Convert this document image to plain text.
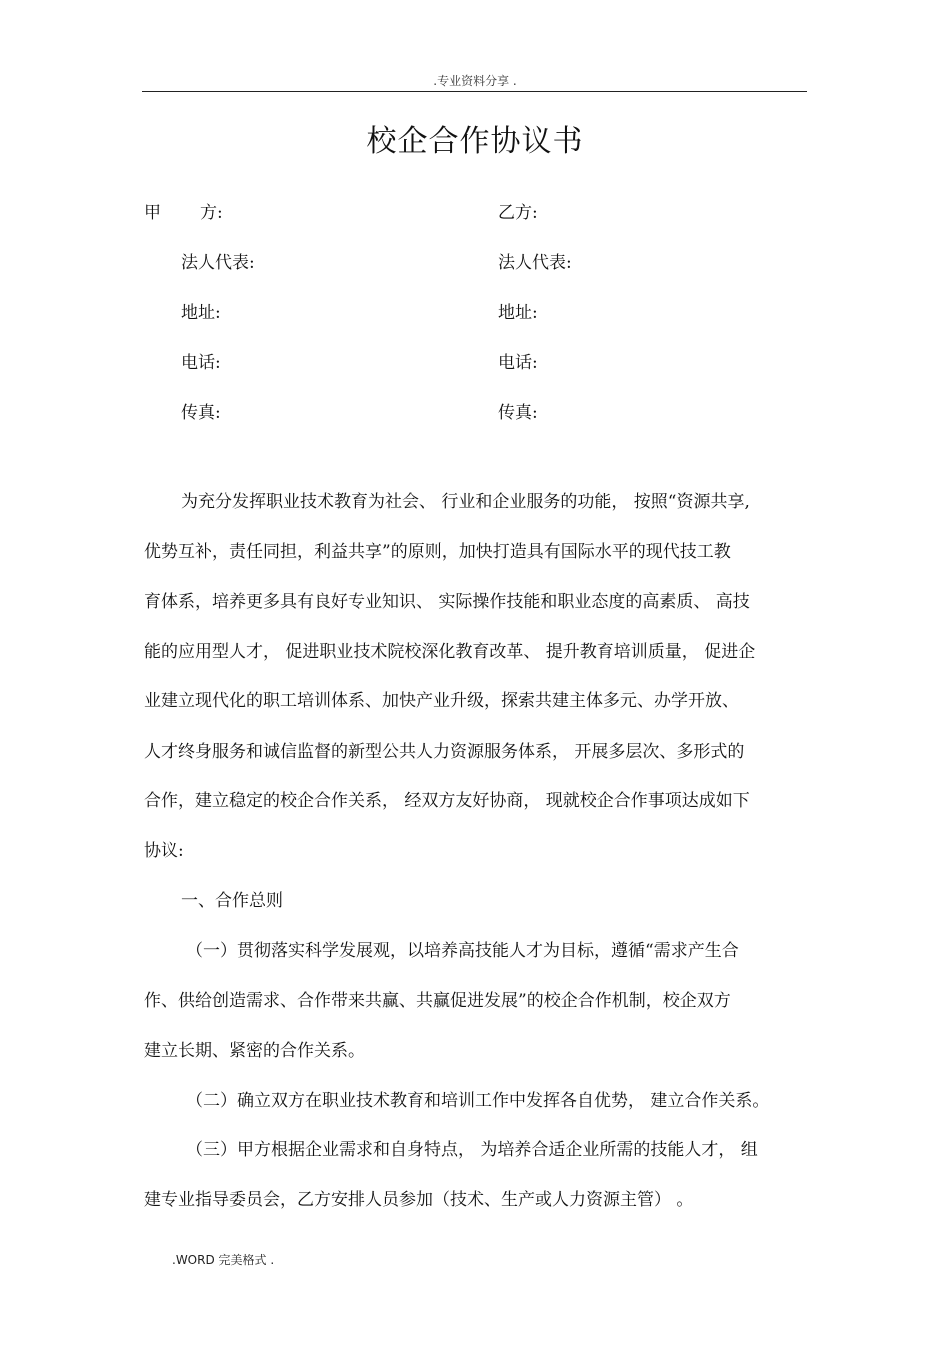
.专业资料分享 .
校企合作协议书
甲 方:	乙方:
法人代表:	法人代表:
地址:	地址:
电话:	电话:
传真:	传真:
为充分发挥职业技术教育为社会、 行业和企业服务的功能， 按照“资源共享,
优势互补，责任同担，利益共享”的原则，加快打造具有国际水平的现代技工教
育体系，培养更多具有良好专业知识、 实际操作技能和职业态度的高素质、 高技
能的应用型人才， 促进职业技术院校深化教育改革、 提升教育培训质量， 促进企
业建立现代化的职工培训体系、加快产业升级，探索共建主体多元、办学开放、
人才终身服务和诚信监督的新型公共人力资源服务体系， 开展多层次、多形式的
合作，建立稳定的校企合作关系， 经双方友好协商， 现就校企合作事项达成如下
协议:
一、合作总则
（一）贯彻落实科学发展观，以培养高技能人才为目标，遵循“需求产生合
作、供给创造需求、合作带来共赢、共赢促进发展”的校企合作机制，校企双方
建立长期、紧密的合作关系。
（二）确立双方在职业技术教育和培训工作中发挥各自优势， 建立合作关系。
（三）甲方根据企业需求和自身特点， 为培养合适企业所需的技能人才， 组
建专业指导委员会，乙方安排人员参加（技术、生产或人力资源主管） 。
.WORD 完美格式 .
